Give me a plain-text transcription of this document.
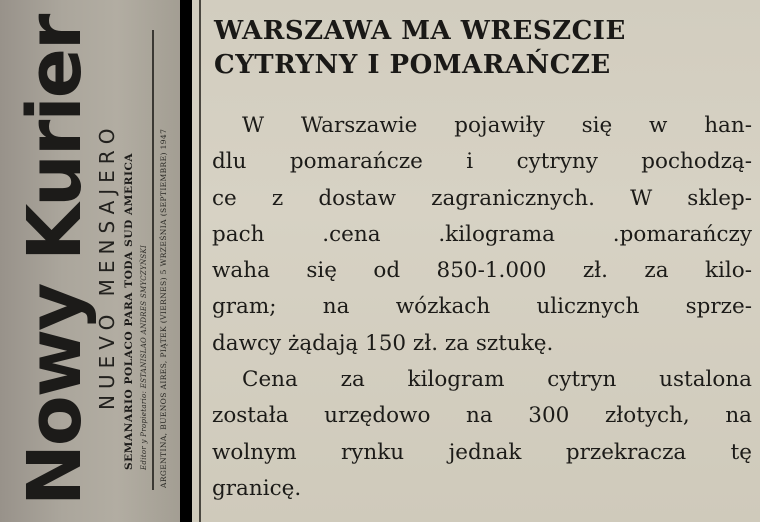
Nowy Kurier
NUEVO MENSAJERO SEMANARIO POLACO PARA TODA SUD AMERICA Editor y Propietario: ESTANISLAO ANDRES SMYCZYŃSKI ARGENTINA, BUENOS AIRES, PIĄTEK (VIERNES) 5 WRZEŚNIA (SEPTIEMBRE) 1947
WARSZAWA MA WRESZCIE
CYTRYNY I POMARAŃCZE
W Warszawie pojawiły się w han-
dlu pomarańcze i cytryny pochodzą-
ce z dostaw zagranicznych. W sklep-
pach .cena .kilograma .pomarańczy
waha się od 850-1.000 zł. za kilo-
gram; na wózkach ulicznych sprze-
dawcy żądają 150 zł. za sztukę.
Cena za kilogram cytryn ustalona
została urzędowo na 300 złotych, na
wolnym rynku jednak przekracza tę
granicę.
